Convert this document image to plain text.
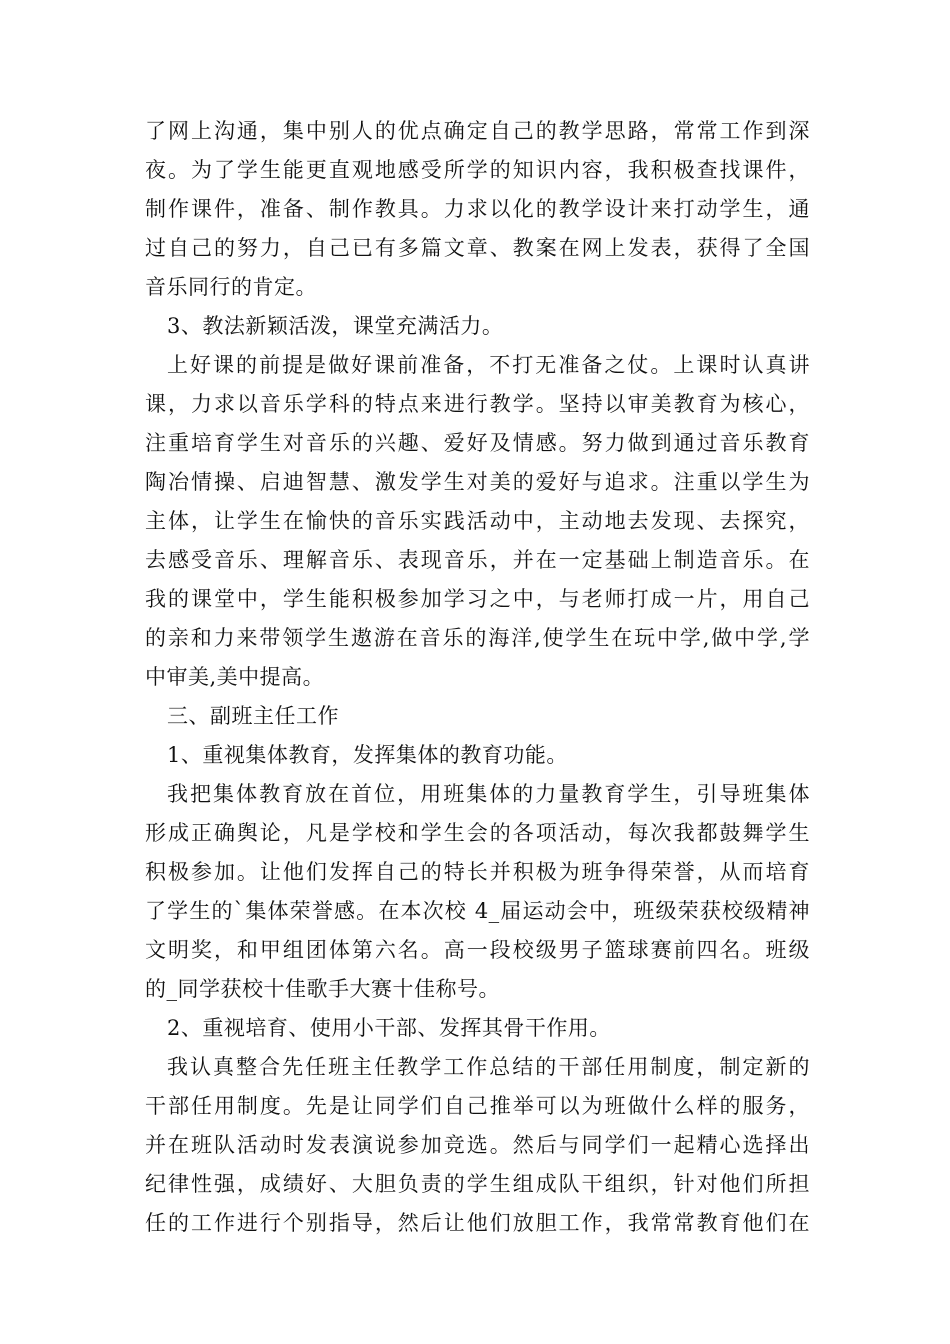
了网上沟通，集中别人的优点确定自己的教学思路，常常工作到深
夜。为了学生能更直观地感受所学的知识内容，我积极查找课件，
制作课件，准备、制作教具。力求以化的教学设计来打动学生，通
过自己的努力，自己已有多篇文章、教案在网上发表，获得了全国
音乐同行的肯定。
3、教法新颖活泼，课堂充满活力。
上好课的前提是做好课前准备，不打无准备之仗。上课时认真讲
课，力求以音乐学科的特点来进行教学。坚持以审美教育为核心，
注重培育学生对音乐的兴趣、爱好及情感。努力做到通过音乐教育
陶冶情操、启迪智慧、激发学生对美的爱好与追求。注重以学生为
主体，让学生在愉快的音乐实践活动中，主动地去发现、去探究，
去感受音乐、理解音乐、表现音乐，并在一定基础上制造音乐。在
我的课堂中，学生能积极参加学习之中，与老师打成一片，用自己
的亲和力来带领学生遨游在音乐的海洋,使学生在玩中学,做中学,学
中审美,美中提高。
三、副班主任工作
1、重视集体教育，发挥集体的教育功能。
我把集体教育放在首位，用班集体的力量教育学生，引导班集体
形成正确舆论，凡是学校和学生会的各项活动，每次我都鼓舞学生
积极参加。让他们发挥自己的特长并积极为班争得荣誉，从而培育
了学生的`集体荣誉感。在本次校 4_届运动会中，班级荣获校级精神
文明奖，和甲组团体第六名。高一段校级男子篮球赛前四名。班级
的_同学获校十佳歌手大赛十佳称号。
2、重视培育、使用小干部、发挥其骨干作用。
我认真整合先任班主任教学工作总结的干部任用制度，制定新的
干部任用制度。先是让同学们自己推举可以为班做什么样的服务，
并在班队活动时发表演说参加竞选。然后与同学们一起精心选择出
纪律性强，成绩好、大胆负责的学生组成队干组织，针对他们所担
任的工作进行个别指导，然后让他们放胆工作，我常常教育他们在
